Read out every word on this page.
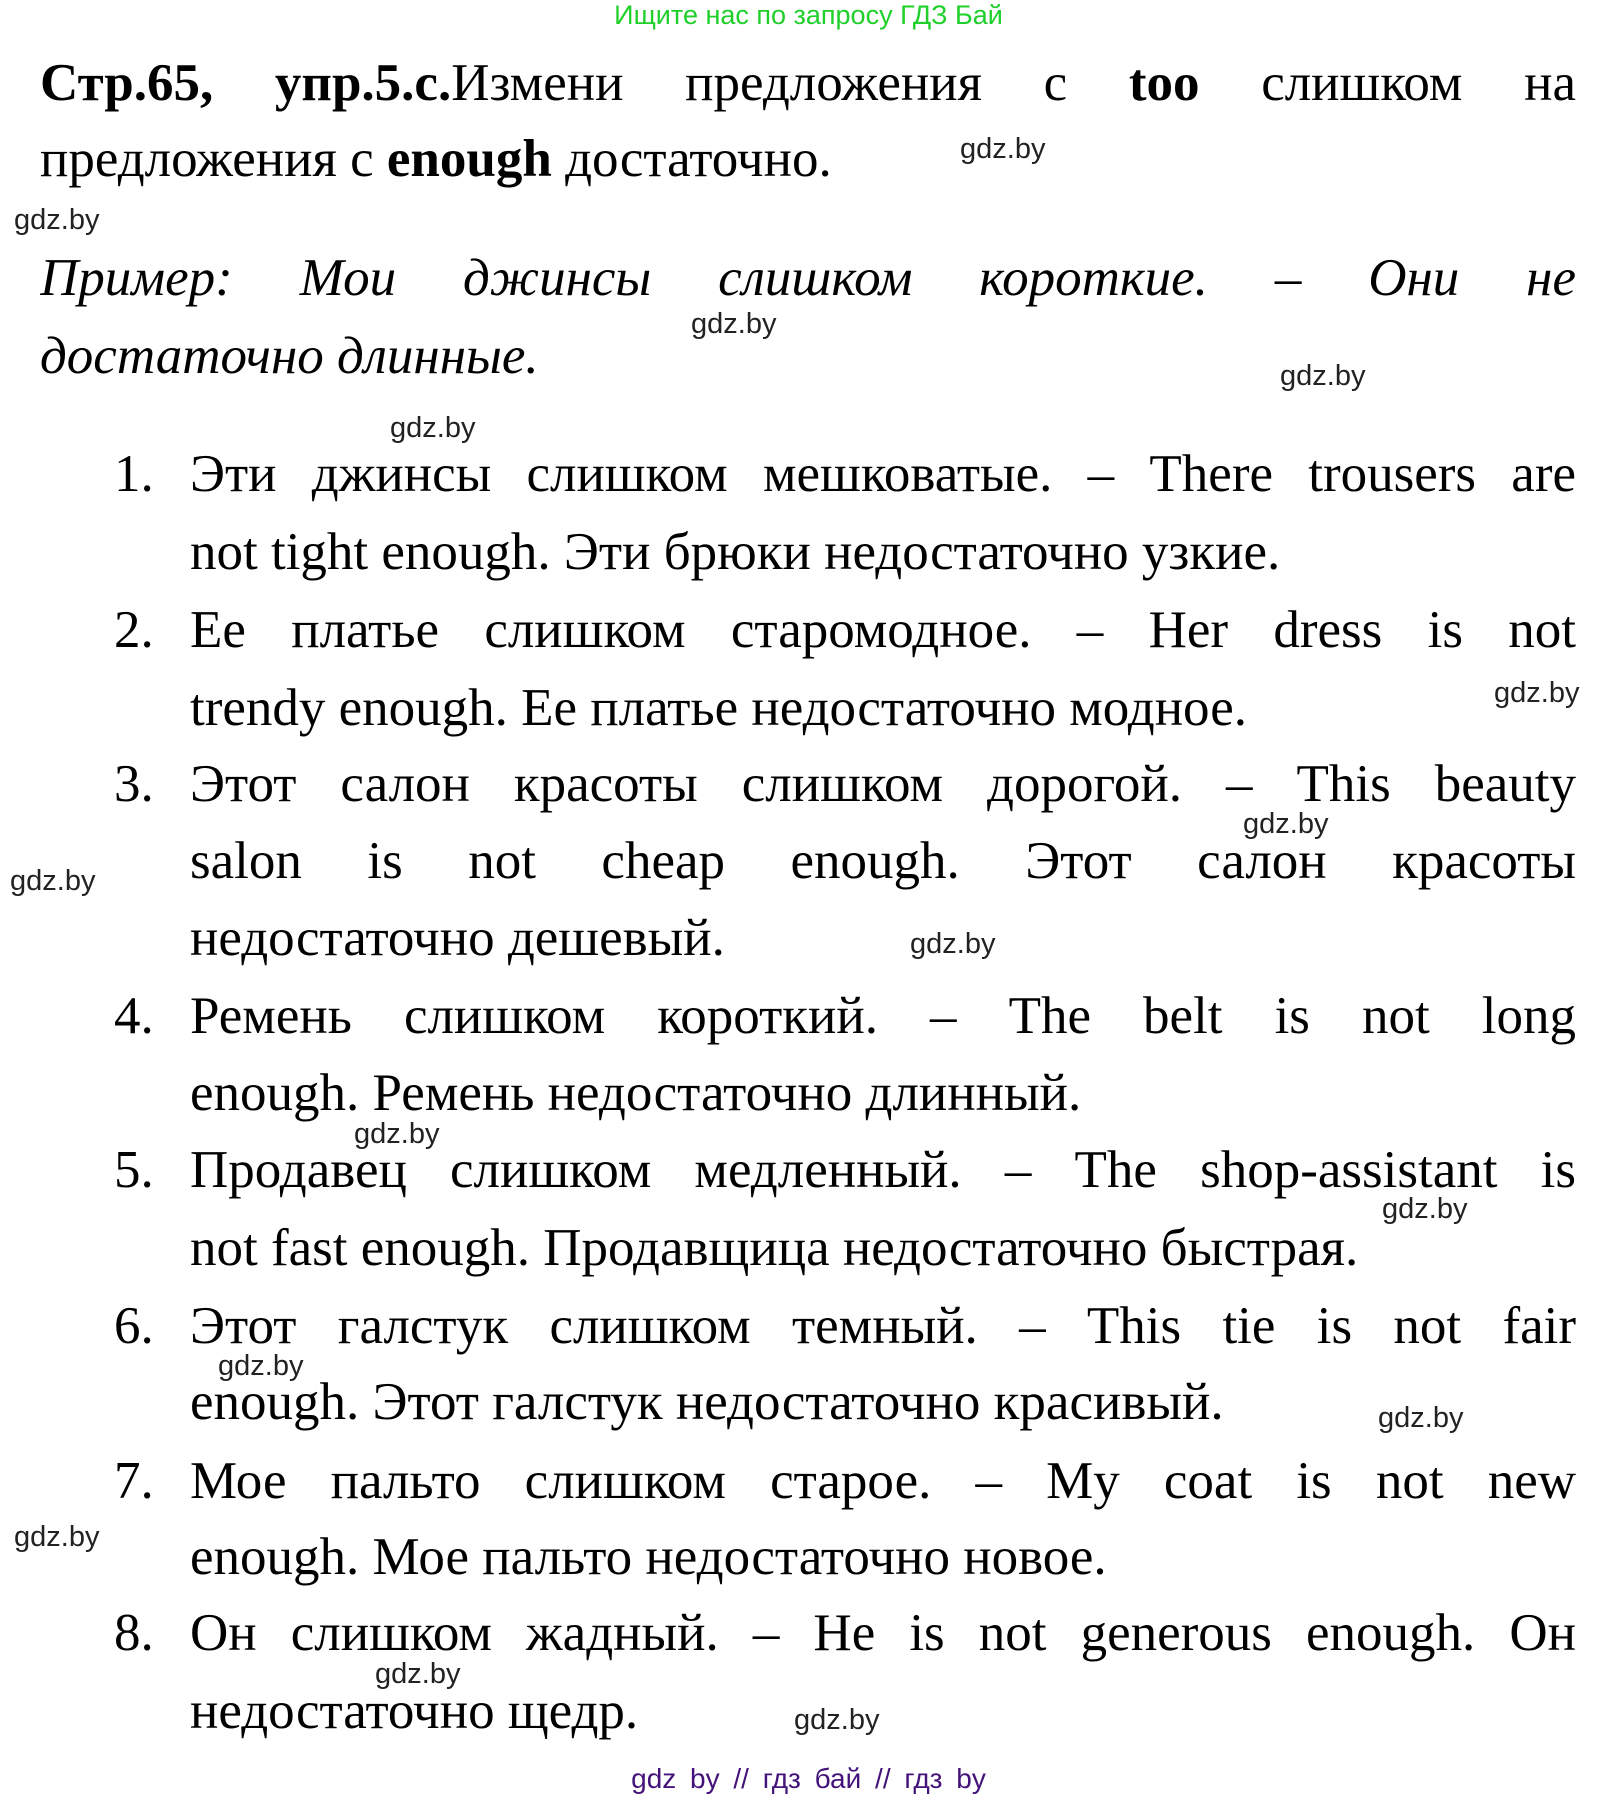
Ищите нас по запросу ГДЗ Бай
Стр.65, упр.5.с.Измени предложения с too слишком на
предложения с enough достаточно.
Пример: Мои джинсы слишком короткие. – Они не
достаточно длинные.
1. Эти джинсы слишком мешковатые. – There trousers are
not tight enough. Эти брюки недостаточно узкие.
2. Ее платье слишком старомодное. – Her dress is not
trendy enough. Ее платье недостаточно модное.
3. Этот салон красоты слишком дорогой. – This beauty
salon is not cheap enough. Этот салон красоты
недостаточно дешевый.
4. Ремень слишком короткий. – The belt is not long
enough. Ремень недостаточно длинный.
5. Продавец слишком медленный. – The shop-assistant is
not fast enough. Продавщица недостаточно быстрая.
6. Этот галстук слишком темный. – This tie is not fair
enough. Этот галстук недостаточно красивый.
7. Мое пальто слишком старое. – My coat is not new
enough. Мое пальто недостаточно новое.
8. Он слишком жадный. – He is not generous enough. Он
недостаточно щедр.
gdz.by
gdz.by
gdz.by
gdz.by
gdz.by
gdz.by
gdz.by
gdz.by
gdz.by
gdz.by
gdz.by
gdz.by
gdz.by
gdz.by
gdz.by
gdz.by
gdz by // гдз бай // гдз by
